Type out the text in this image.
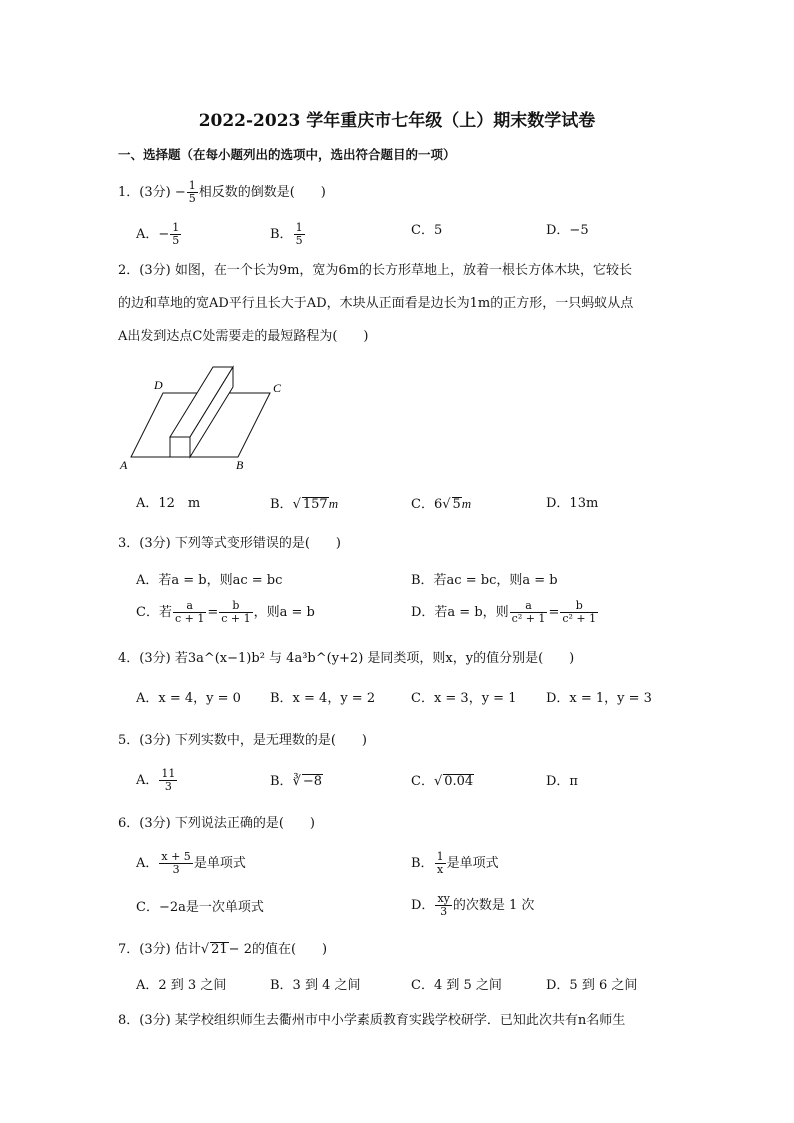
2022-2023 学年重庆市七年级（上）期末数学试卷
一、选择题（在每小题列出的选项中，选出符合题目的一项）
1．(3分) − $\frac{1}{5}$ 相反数的倒数是(　　)
A．− $\frac{1}{5}$	B． $\frac{1}{5}$	C．5	D．−5
2．(3分) 如图，在一个长为9m，宽为6m的长方形草地上，放着一根长方体木块，它较长
的边和草地的宽AD平行且长大于AD，木块从正面看是边长为1m的正方形，一只蚂蚁从点
A出发到达点C处需要走的最短路程为(　　)
D	C
A	B
A．12　m	B．√ 157m	C．6√ 5m	D．13m
3．(3分) 下列等式变形错误的是(　　)
A．若a = b，则ac = bc	B．若ac = bc，则a = b
C．若 $\frac{a}{c + 1} = \frac{b}{c + 1}$ ，则a = b	D．若a = b，则 $\frac{a}{\text{c² + 1}} = \frac{b}{\text{c² + 1}}$
4．(3分) 若3a^(x−1)b² 与 4a³b^(y+2) 是同类项，则x，y的值分别是(　　)
A．x = 4，y = 0 B．x = 4，y = 2	C．x = 3，y = 1 D．x = 1，y = 3
5．(3分) 下列实数中，是无理数的是(　　)
A． $\frac{11}{3}$	B．∛ −8	C．√ 0.04	D．π
6．(3分) 下列说法正确的是(　　)
A． $\frac{x + 5}{3}$ 是单项式	B． $\frac{1}{x}$ 是单项式
C．−2a是一次单项式	D． $\frac{xy}{3}$ 的次数是 1 次
7．(3分) 估计√ 21− 2的值在(　　)
A．2 到 3 之间	B．3 到 4 之间	C．4 到 5 之间	D．5 到 6 之间
8．(3分) 某学校组织师生去衢州市中小学素质教育实践学校研学．已知此次共有n名师生
